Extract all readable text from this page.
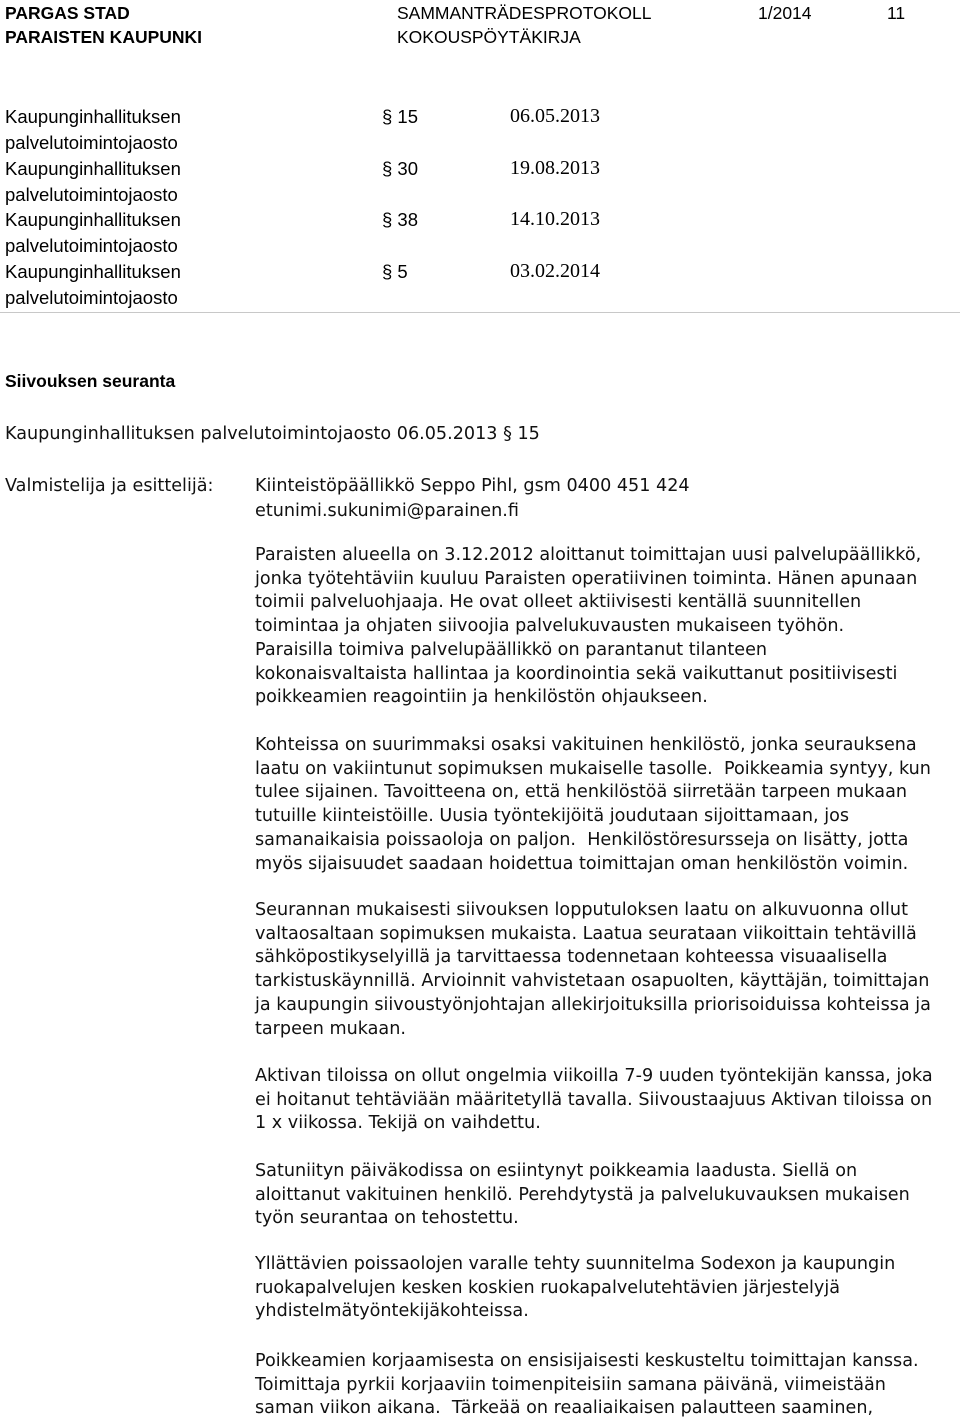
PARGAS STAD
PARAISTEN KAUPUNKI
SAMMANTRÄDESPROTOKOLL
KOKOUSPÖYTÄKIRJA
1/2014	11
Kaupunginhallituksen palvelutoimintojaosto
§ 15	06.05.2013
Kaupunginhallituksen palvelutoimintojaosto
§ 30	19.08.2013
Kaupunginhallituksen palvelutoimintojaosto
§ 38	14.10.2013
Kaupunginhallituksen palvelutoimintojaosto
§ 5	03.02.2014
Siivouksen seuranta
Kaupunginhallituksen palvelutoimintojaosto 06.05.2013 § 15
Valmistelija ja esittelijä: Kiinteistöpäällikkö Seppo Pihl, gsm 0400 451 424
etunimi.sukunimi@parainen.fi
Paraisten alueella on 3.12.2012 aloittanut toimittajan uusi palvelupäällikkö,
jonka työtehtäviin kuuluu Paraisten operatiivinen toiminta. Hänen apunaan
toimii palveluohjaaja. He ovat olleet aktiivisesti kentällä suunnitellen
toimintaa ja ohjaten siivoojia palvelukuvausten mukaiseen työhön.
Paraisilla toimiva palvelupäällikkö on parantanut tilanteen
kokonaisvaltaista hallintaa ja koordinointia sekä vaikuttanut positiivisesti
poikkeamien reagointiin ja henkilöstön ohjaukseen.
Kohteissa on suurimmaksi osaksi vakituinen henkilöstö, jonka seurauksena
laatu on vakiintunut sopimuksen mukaiselle tasolle.  Poikkeamia syntyy, kun
tulee sijainen. Tavoitteena on, että henkilöstöä siirretään tarpeen mukaan
tutuille kiinteistöille. Uusia työntekijöitä joudutaan sijoittamaan, jos
samanaikaisia poissaoloja on paljon.  Henkilöstöresursseja on lisätty, jotta
myös sijaisuudet saadaan hoidettua toimittajan oman henkilöstön voimin.
Seurannan mukaisesti siivouksen lopputuloksen laatu on alkuvuonna ollut
valtaosaltaan sopimuksen mukaista. Laatua seurataan viikoittain tehtävillä
sähköpostikyselyillä ja tarvittaessa todennetaan kohteessa visuaalisella
tarkistuskäynnillä. Arvioinnit vahvistetaan osapuolten, käyttäjän, toimittajan
ja kaupungin siivoustyönjohtajan allekirjoituksilla priorisoiduissa kohteissa ja
tarpeen mukaan.
Aktivan tiloissa on ollut ongelmia viikoilla 7-9 uuden työntekijän kanssa, joka
ei hoitanut tehtäviään määritetyllä tavalla. Siivoustaajuus Aktivan tiloissa on
1 x viikossa. Tekijä on vaihdettu.
Satuniityn päiväkodissa on esiintynyt poikkeamia laadusta. Siellä on
aloittanut vakituinen henkilö. Perehdytystä ja palvelukuvauksen mukaisen
työn seurantaa on tehostettu.
Yllättävien poissaolojen varalle tehty suunnitelma Sodexon ja kaupungin
ruokapalvelujen kesken koskien ruokapalvelutehtävien järjestelyjä
yhdistelmätyöntekijäkohteissa.
Poikkeamien korjaamisesta on ensisijaisesti keskusteltu toimittajan kanssa.
Toimittaja pyrkii korjaaviin toimenpiteisiin samana päivänä, viimeistään
saman viikon aikana.  Tärkeää on reaaliaikaisen palautteen saaminen,
